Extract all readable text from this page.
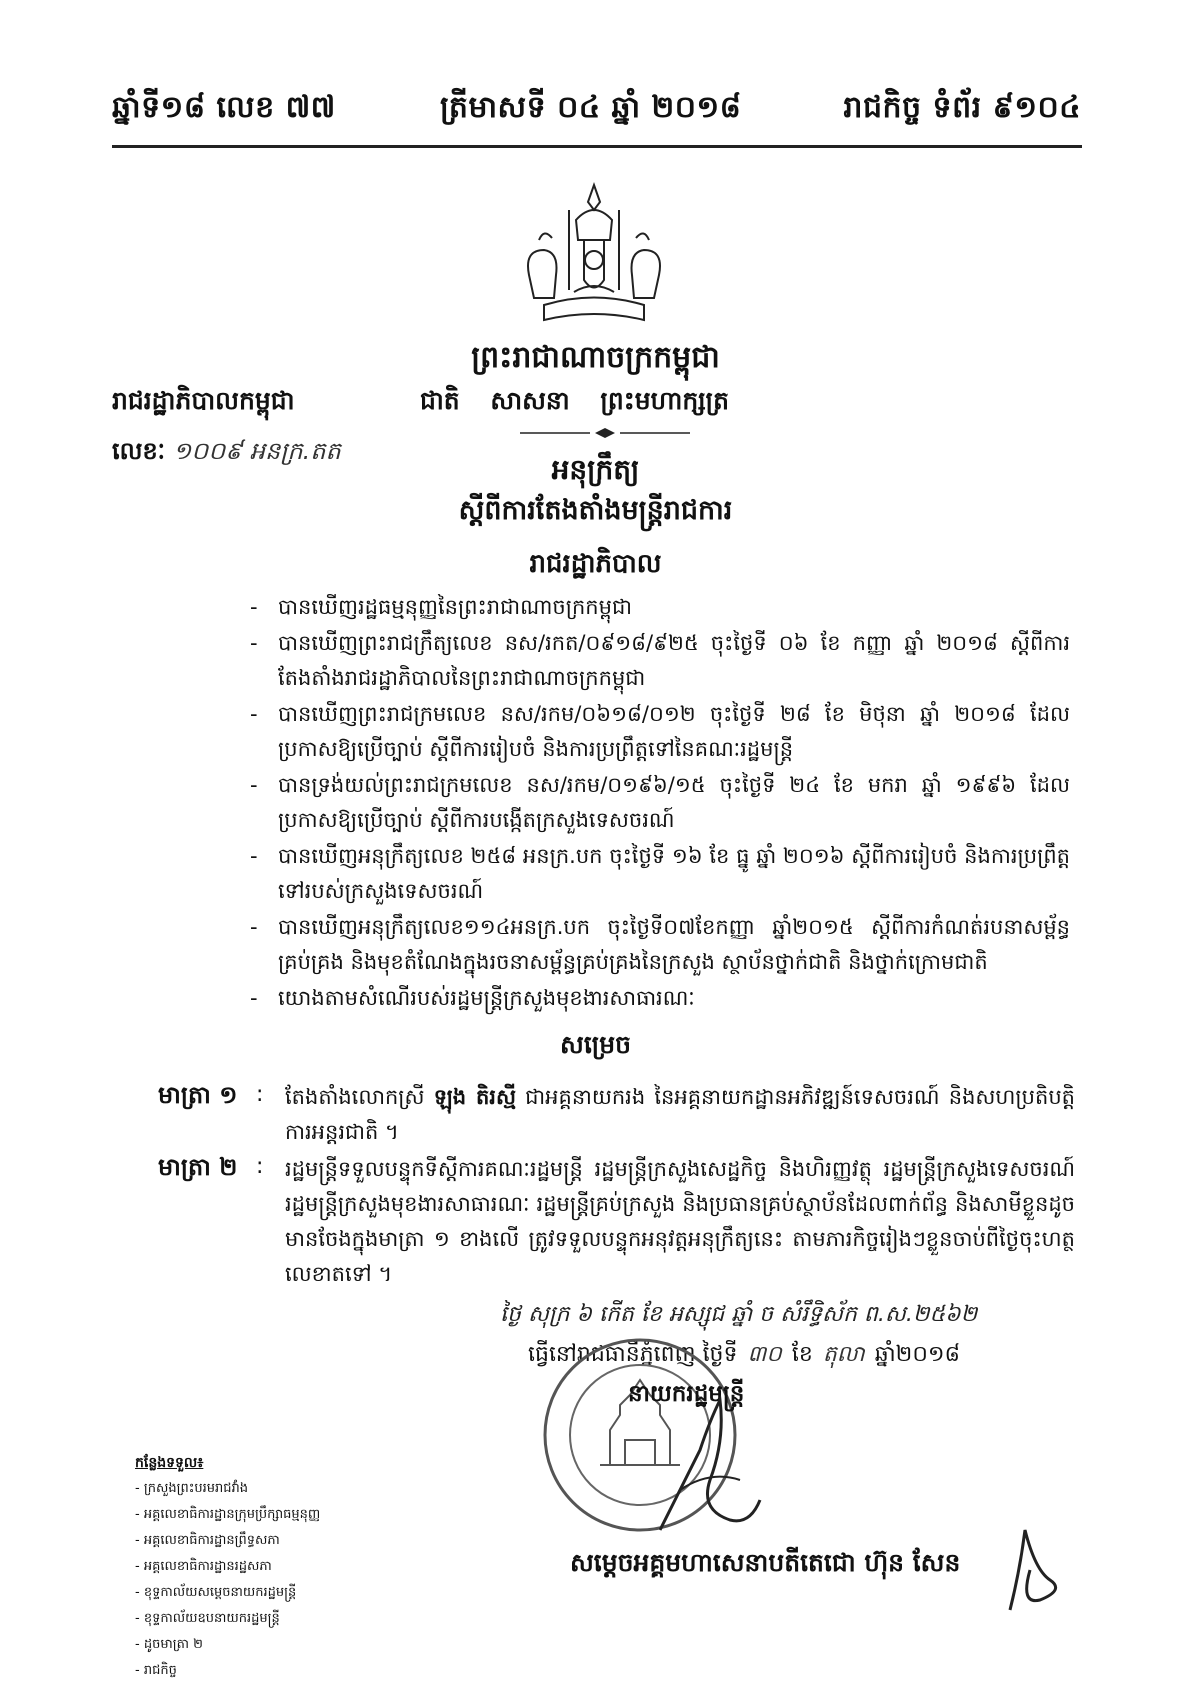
ឆ្នាំទី១៨ លេខ ៧៧	ត្រីមាសទី ០៤ ឆ្នាំ ២០១៨	រាជកិច្ច ទំព័រ ៩១០៤
ព្រះរាជាណាចក្រកម្ពុជា
រាជរដ្ឋាភិបាលកម្ពុជា	ជាតិ សាសនា ព្រះមហាក្សត្រ
លេខៈ ១០០៩ អនក្រ.តត
អនុក្រឹត្យ
ស្តីពីការតែងតាំងមន្ត្រីរាជការ
រាជរដ្ឋាភិបាល
- បានឃើញរដ្ឋធម្មនុញ្ញនៃព្រះរាជាណាចក្រកម្ពុជា
- បានឃើញព្រះរាជក្រឹត្យលេខ នស/រកត/០៩១៨/៩២៥ ចុះថ្ងៃទី ០៦ ខែ កញ្ញា ឆ្នាំ ២០១៨ ស្តីពីការតែងតាំងរាជរដ្ឋាភិបាលនៃព្រះរាជាណាចក្រកម្ពុជា
- បានឃើញព្រះរាជក្រមលេខ នស/រកម/០៦១៨/០១២ ចុះថ្ងៃទី ២៨ ខែ មិថុនា ឆ្នាំ ២០១៨ ដែលប្រកាសឱ្យប្រើច្បាប់ ស្តីពីការរៀបចំ និងការប្រព្រឹត្តទៅនៃគណៈរដ្ឋមន្ត្រី
- បានទ្រង់យល់ព្រះរាជក្រមលេខ នស/រកម/០១៩៦/១៥ ចុះថ្ងៃទី ២៤ ខែ មករា ឆ្នាំ ១៩៩៦ ដែលប្រកាសឱ្យប្រើច្បាប់ ស្តីពីការបង្កើតក្រសួងទេសចរណ៍
- បានឃើញអនុក្រឹត្យលេខ ២៥៨ អនក្រ.បក ចុះថ្ងៃទី ១៦ ខែ ធ្នូ ឆ្នាំ ២០១៦ ស្តីពីការរៀបចំ និងការប្រព្រឹត្តទៅរបស់ក្រសួងទេសចរណ៍
- បានឃើញអនុក្រឹត្យលេខ១១៤អនក្រ.បក ចុះថ្ងៃទី០៧ខែកញ្ញា ឆ្នាំ២០១៥ ស្តីពីការកំណត់របនាសម្ព័ន្ធគ្រប់គ្រង និងមុខតំណែងក្នុងរចនាសម្ព័ន្ធគ្រប់គ្រងនៃក្រសួង ស្ថាប័នថ្នាក់ជាតិ និងថ្នាក់ក្រោមជាតិ
- យោងតាមសំណើរបស់រដ្ឋមន្ត្រីក្រសួងមុខងារសាធារណៈ
សម្រេច
មាត្រា ១ : តែងតាំងលោកស្រី ឡុង តិរស្មី ជាអគ្គនាយករង នៃអគ្គនាយកដ្ឋានអភិវឌ្ឍន៍ទេសចរណ៍ និងសហប្រតិបត្តិការអន្តរជាតិ ។
មាត្រា ២ : រដ្ឋមន្ត្រីទទួលបន្ទុកទីស្តីការគណៈរដ្ឋមន្ត្រី រដ្ឋមន្ត្រីក្រសួងសេដ្ឋកិច្ច និងហិរញ្ញវត្ថុ រដ្ឋមន្ត្រីក្រសួងទេសចរណ៍ រដ្ឋមន្ត្រីក្រសួងមុខងារសាធារណៈ រដ្ឋមន្ត្រីគ្រប់ក្រសួង និងប្រធានគ្រប់ស្ថាប័នដែលពាក់ព័ន្ធ និងសាមីខ្លួនដូចមានចែងក្នុងមាត្រា ១ ខាងលើ ត្រូវទទួលបន្ទុកអនុវត្តអនុក្រឹត្យនេះ តាមភារកិច្ចរៀងៗខ្លួនចាប់ពីថ្ងៃចុះហត្ថលេខាតទៅ ។
ថ្ងៃ សុក្រ ៦ កើត ខែ អស្សុជ ឆ្នាំ ច សំរឹទ្ធិស័ក ព.ស.២៥៦២
ធ្វើនៅរាជធានីភ្នំពេញ ថ្ងៃទី ៣០ ខែ តុលា ឆ្នាំ២០១៨
នាយករដ្ឋមន្ត្រី
សម្តេចអគ្គមហាសេនាបតីតេជោ ហ៊ុន សែន
កន្លែងទទួល៖
- ក្រសួងព្រះបរមរាជវាំង
- អគ្គលេខាធិការដ្ឋានក្រុមប្រឹក្សាធម្មនុញ្ញ
- អគ្គលេខាធិការដ្ឋានព្រឹទ្ធសភា
- អគ្គលេខាធិការដ្ឋានរដ្ឋសភា
- ខុទ្ទកាល័យសម្តេចនាយករដ្ឋមន្ត្រី
- ខុទ្ទកាល័យឧបនាយករដ្ឋមន្ត្រី
- ដូចមាត្រា ២
- រាជកិច្ច
